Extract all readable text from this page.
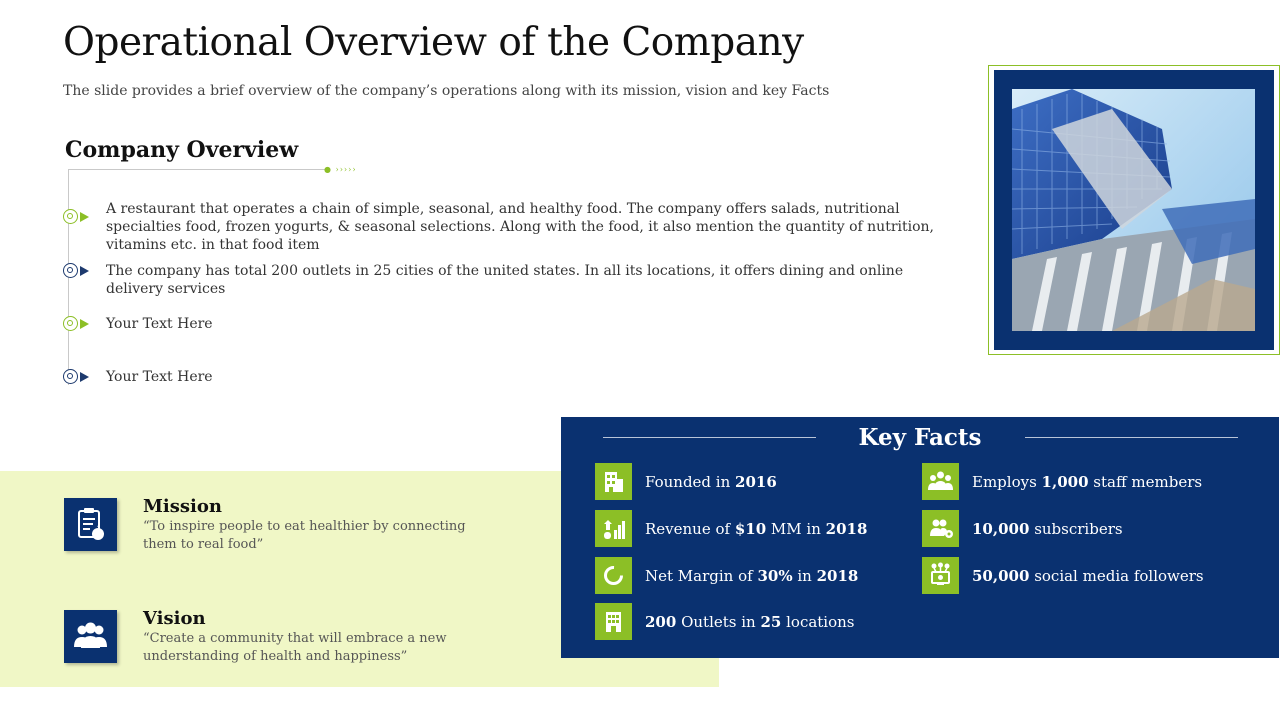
Operational Overview of the Company
The slide provides a brief overview of the company’s operations along with its mission, vision and key Facts
Company Overview
● ›››››
A restaurant that operates a chain of simple, seasonal, and healthy food. The company offers salads, nutritional specialties food, frozen yogurts, & seasonal selections. Along with the food, it also mention the quantity of nutrition, vitamins etc. in that food item
The company has total 200 outlets in 25 cities of the united states. In all its locations, it offers dining and online delivery services
Your Text Here
Your Text Here
Mission
“To inspire people to eat healthier by connecting them to real food”
Vision
“Create a community that will embrace a new understanding of health and happiness”
Key Facts
Founded in 2016
Revenue of $10 MM in 2018
Net Margin of 30% in 2018
200 Outlets in 25 locations
Employs 1,000 staff members
10,000 subscribers
50,000 social media followers
